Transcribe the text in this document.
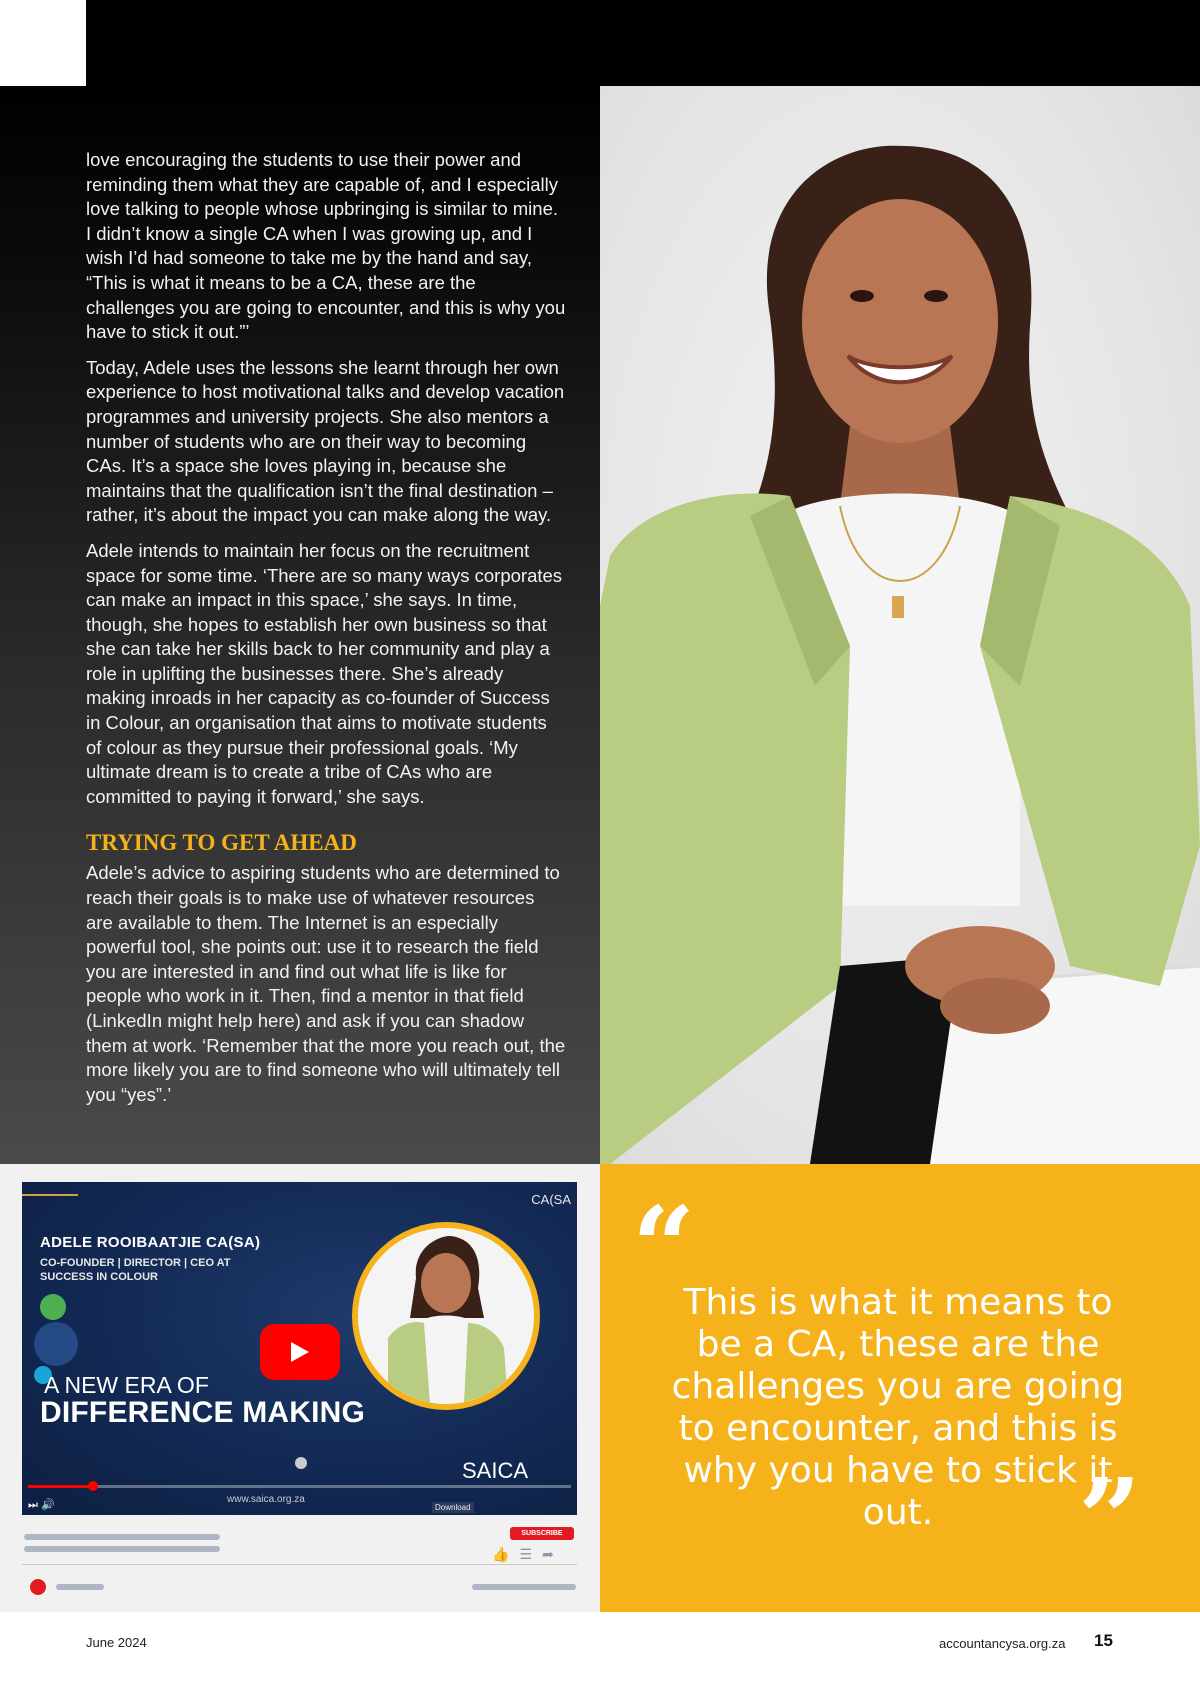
love encouraging the students to use their power and reminding them what they are capable of, and I especially love talking to people whose upbringing is similar to mine. I didn’t know a single CA when I was growing up, and I wish I’d had someone to take me by the hand and say, “This is what it means to be a CA, these are the challenges you are going to encounter, and this is why you have to stick it out.”’

Today, Adele uses the lessons she learnt through her own experience to host motivational talks and develop vacation programmes and university projects. She also mentors a number of students who are on their way to becoming CAs. It’s a space she loves playing in, because she maintains that the qualification isn’t the final destination – rather, it’s about the impact you can make along the way.

Adele intends to maintain her focus on the recruitment space for some time. ‘There are so many ways corporates can make an impact in this space,’ she says. In time, though, she hopes to establish her own business so that she can take her skills back to her community and play a role in uplifting the businesses there. She’s already making inroads in her capacity as co-founder of Success in Colour, an organisation that aims to motivate students of colour as they pursue their professional goals. ‘My ultimate dream is to create a tribe of CAs who are committed to paying it forward,’ she says.

TRYING TO GET AHEAD

Adele’s advice to aspiring students who are determined to reach their goals is to make use of whatever resources are available to them. The Internet is an especially powerful tool, she points out: use it to research the field you are interested in and find out what life is like for people who work in it. Then, find a mentor in that field (LinkedIn might help here) and ask if you can shadow them at work. ‘Remember that the more you reach out, the more likely you are to find someone who will ultimately tell you “yes”.’

CA(SA
ADELE ROOIBAATJIE CA(SA)
CO-FOUNDER | DIRECTOR | CEO AT SUCCESS IN COLOUR
A NEW ERA OF
DIFFERENCE MAKING
SAICA
⏭ 🔊	www.saica.org.za
Download
SUBSCRIBE
👍☰➦
“
This is what it means to be a CA, these are the challenges you are going to encounter, and this is why you have to stick it out.	”
June 2024	accountancysa.org.za 15
